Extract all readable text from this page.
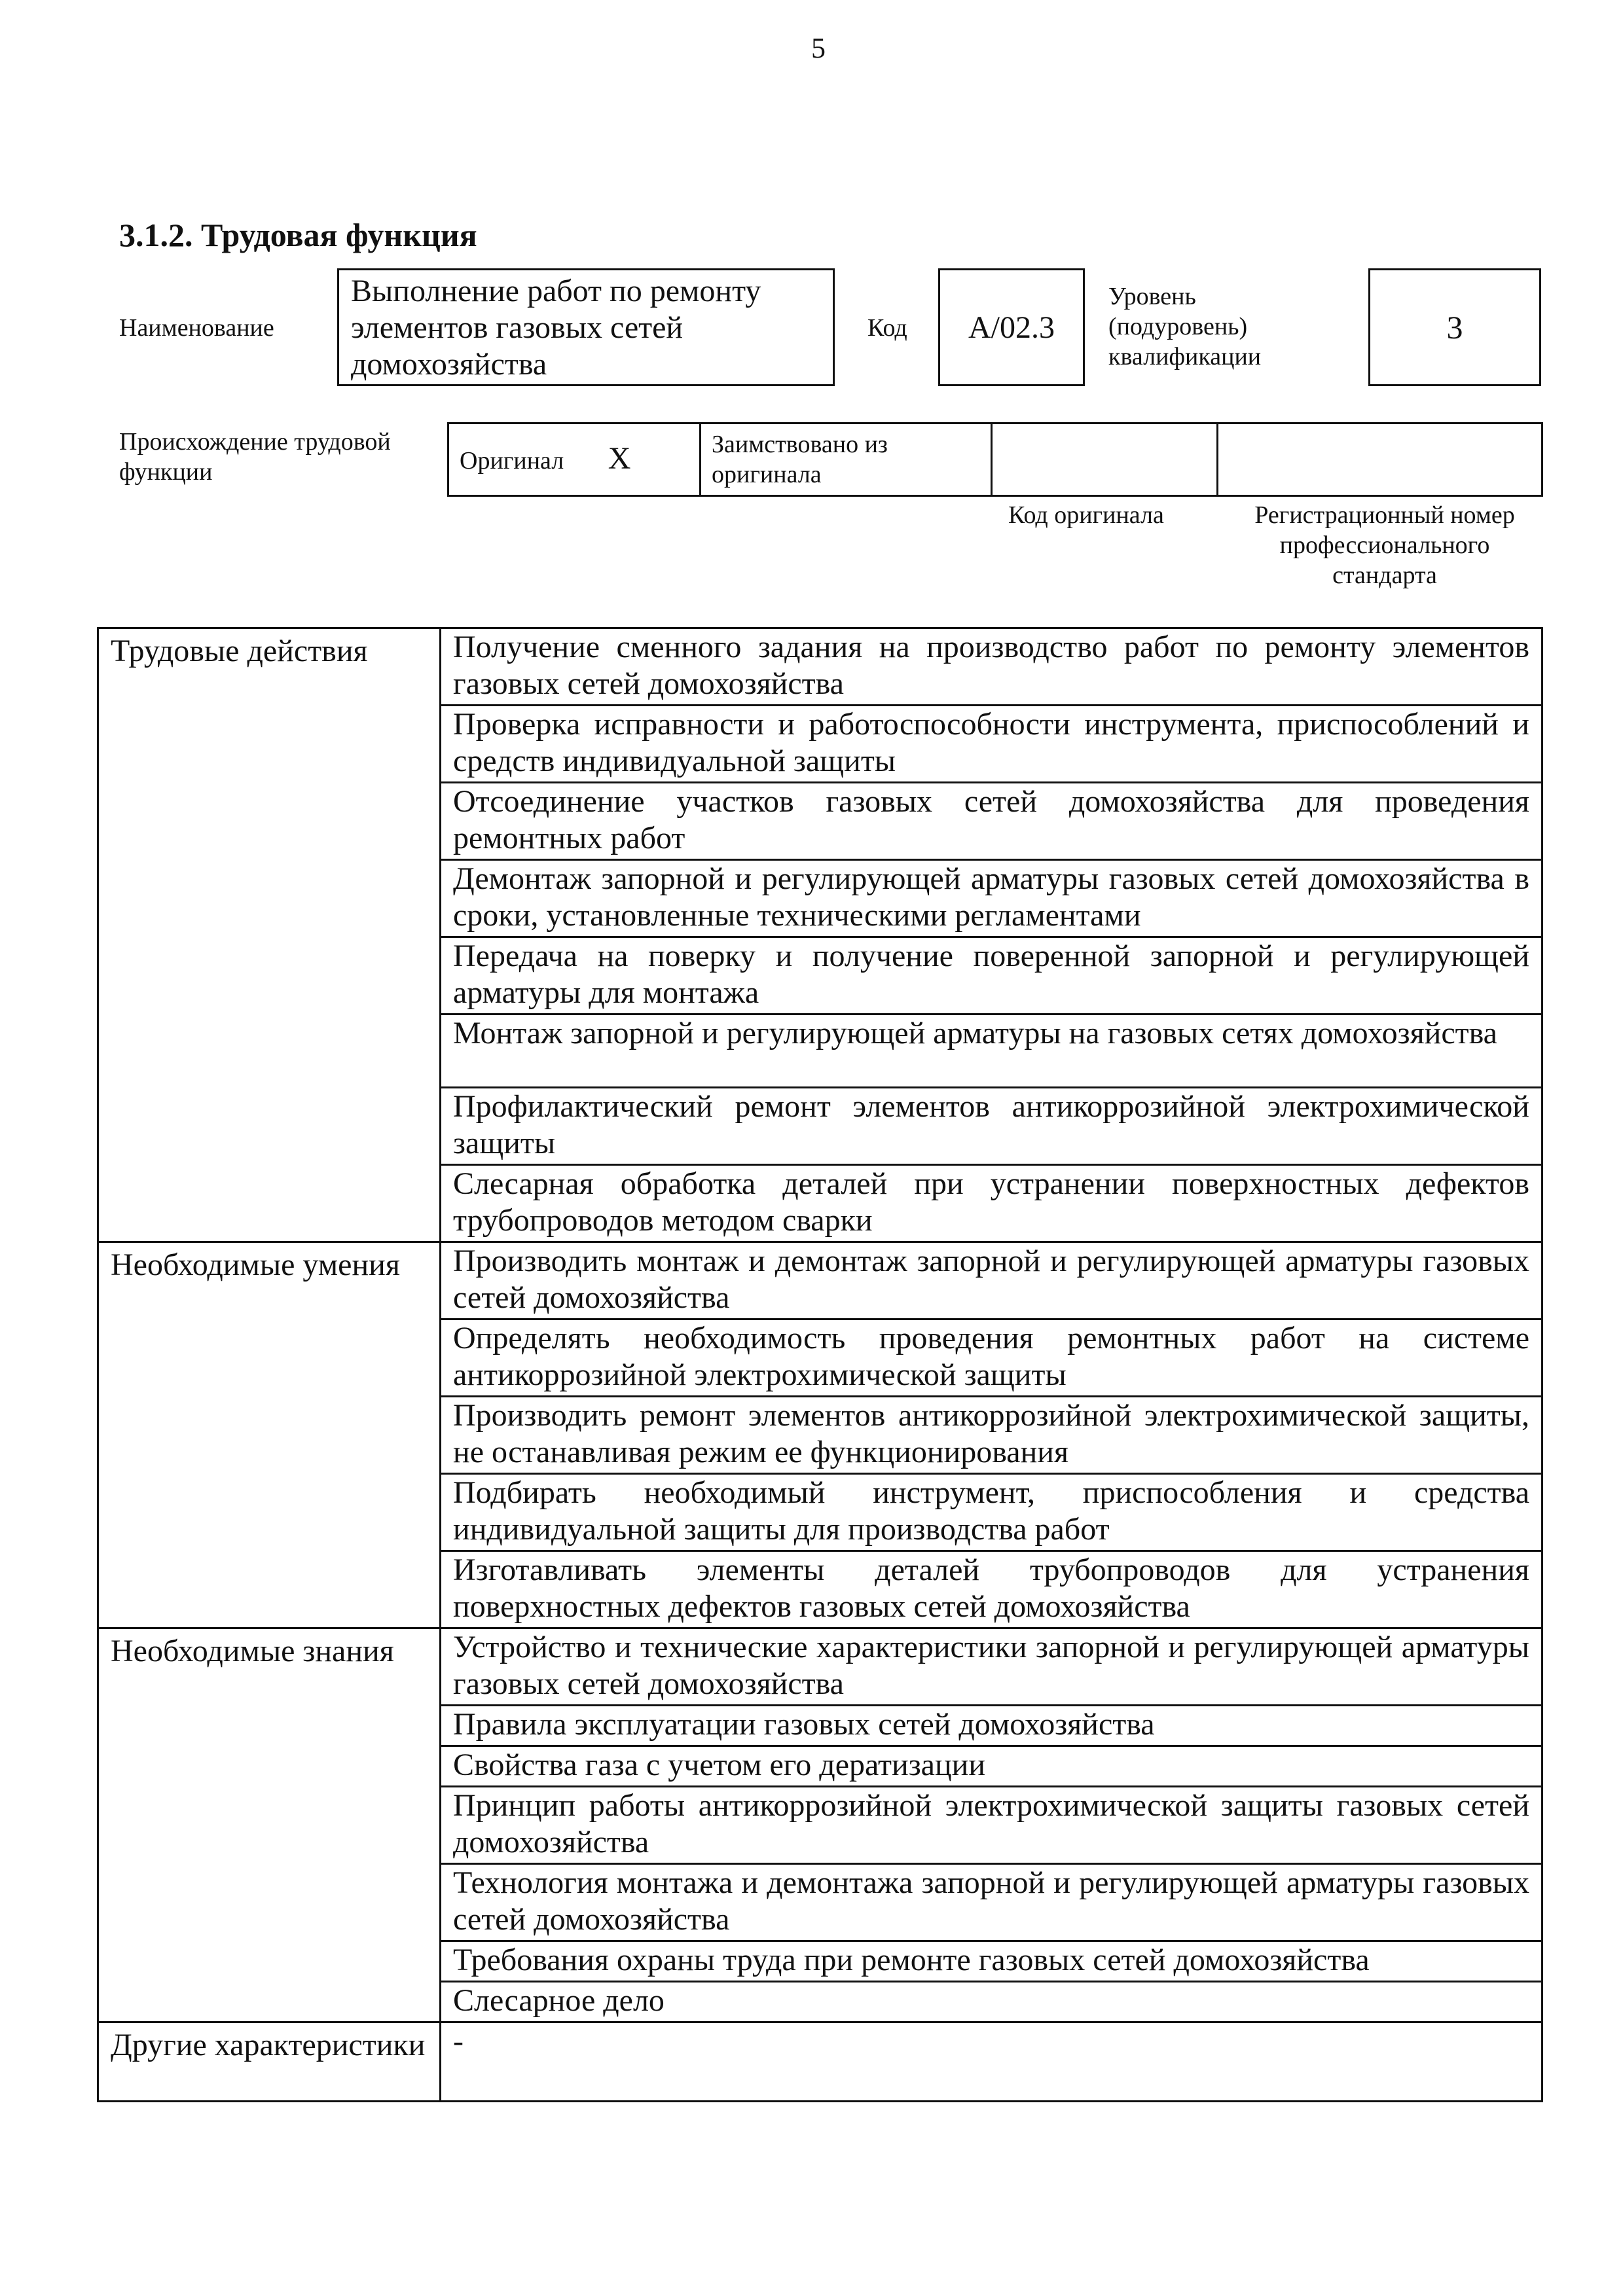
5
3.1.2. Трудовая функция
Наименование
Выполнение работ по ремонту элементов газовых сетей домохозяйства
Код A/02.3
Уровень (подуровень) квалификации
3
Происхождение трудовой функции	Оригинал X	Заимствовано из оригинала		
Код оригинала	Регистрационный номер профессионального стандарта
Трудовые действия	Получение сменного задания на производство работ по ремонту элементов газовых сетей домохозяйства
	Проверка исправности и работоспособности инструмента, приспособлений и средств индивидуальной защиты
	Отсоединение участков газовых сетей домохозяйства для проведения ремонтных работ
	Демонтаж запорной и регулирующей арматуры газовых сетей домохозяйства в сроки, установленные техническими регламентами
	Передача на поверку и получение поверенной запорной и регулирующей арматуры для монтажа
	Монтаж запорной и регулирующей арматуры на газовых сетях домохозяйства
	Профилактический ремонт элементов антикоррозийной электрохимической защиты
	Слесарная обработка деталей при устранении поверхностных дефектов трубопроводов методом сварки
Необходимые умения	Производить монтаж и демонтаж запорной и регулирующей арматуры газовых сетей домохозяйства
	Определять необходимость проведения ремонтных работ на системе антикоррозийной электрохимической защиты
	Производить ремонт элементов антикоррозийной электрохимической защиты, не останавливая режим ее функционирования
	Подбирать необходимый инструмент, приспособления и средства индивидуальной защиты для производства работ
	Изготавливать элементы деталей трубопроводов для устранения поверхностных дефектов газовых сетей домохозяйства
Необходимые знания	Устройство и технические характеристики запорной и регулирующей арматуры газовых сетей домохозяйства
	Правила эксплуатации газовых сетей домохозяйства
	Свойства газа с учетом его дератизации
	Принцип работы антикоррозийной электрохимической защиты газовых сетей домохозяйства
	Технология монтажа и демонтажа запорной и регулирующей арматуры газовых сетей домохозяйства
	Требования охраны труда при ремонте газовых сетей домохозяйства
	Слесарное дело
Другие характеристики	-
